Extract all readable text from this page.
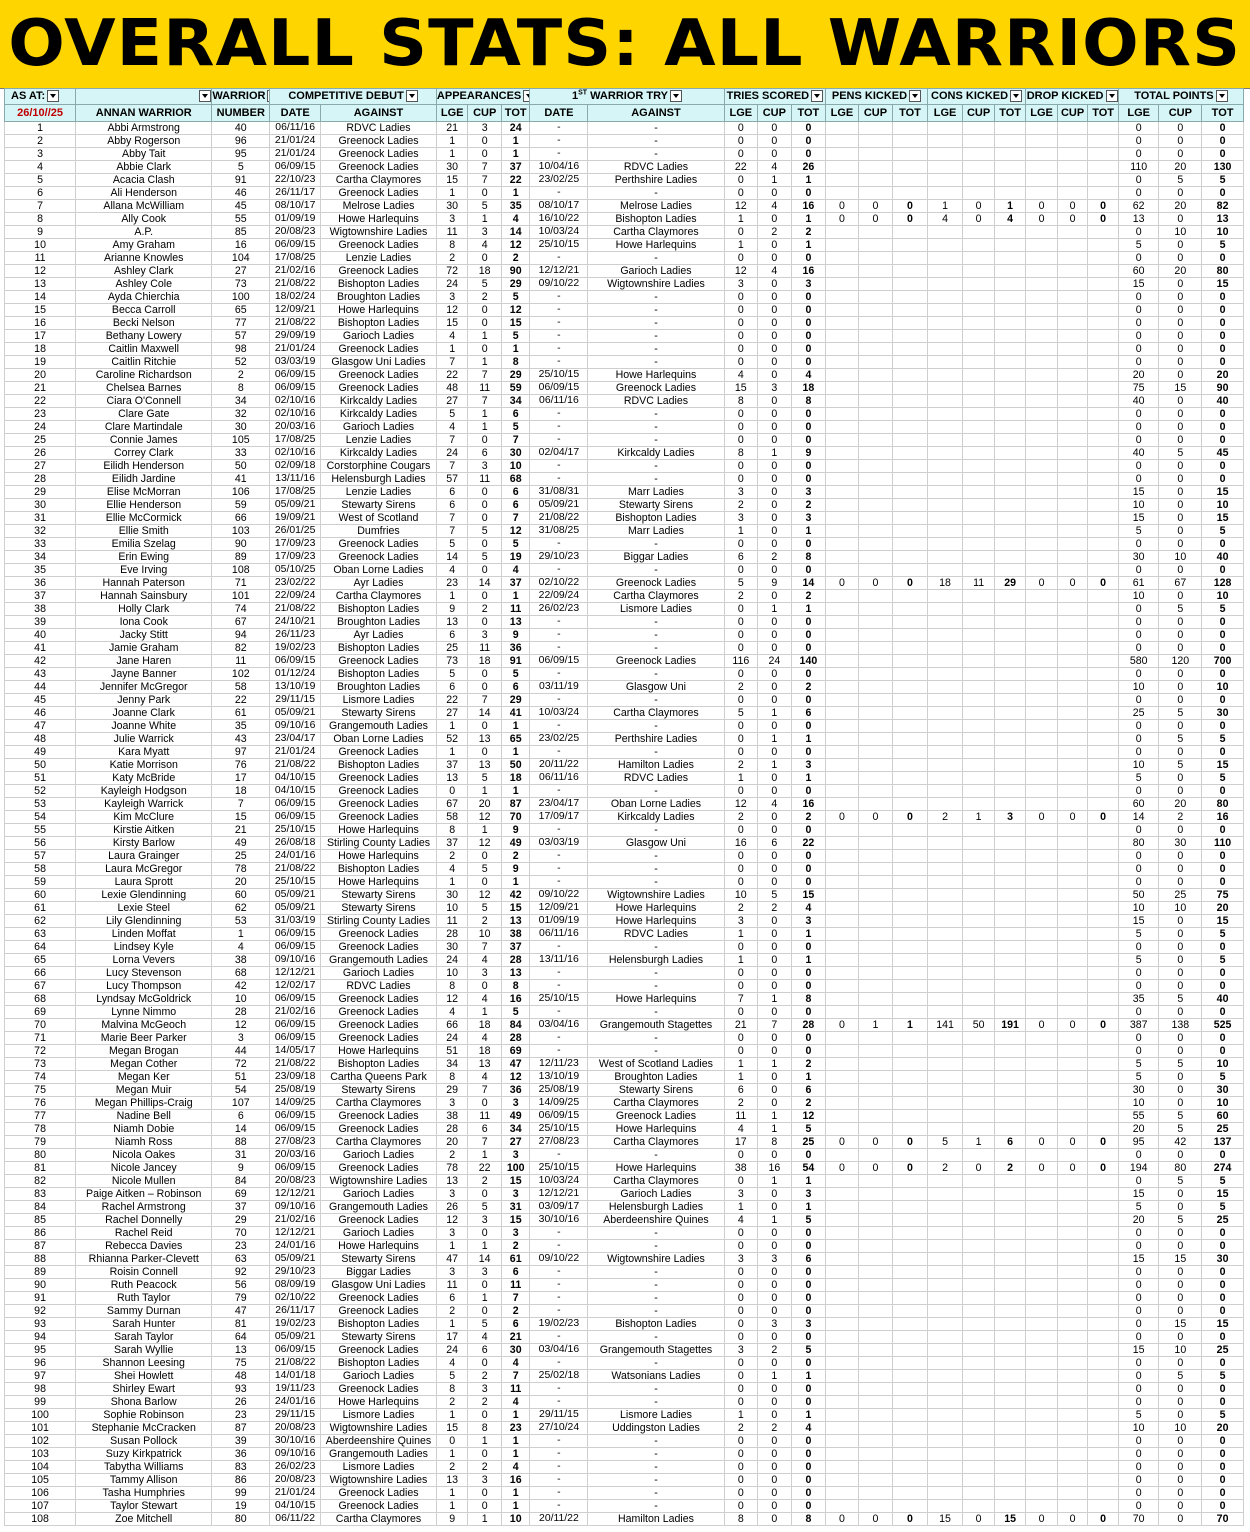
OVERALL STATS: ALL WARRIORS
AS AT:		WARRIOR	COMPETITIVE DEBUT		APPEARANCES			1ST WARRIOR TRY		TRIES SCORED			PENS KICKED			CONS KICKED			DROP KICKED			TOTAL POINTS		
26/10//25	ANNAN WARRIOR	NUMBER	DATE	AGAINST	LGE	CUP	TOT	DATE	AGAINST	LGE	CUP	TOT	LGE	CUP	TOT	LGE	CUP	TOT	LGE	CUP	TOT	LGE	CUP	TOT
1	Abbi Armstrong	40	06/11/16	RDVC Ladies	21	3	24	-	-	0	0	0										0	0	0
2	Abby Rogerson	96	21/01/24	Greenock Ladies	1	0	1	-	-	0	0	0										0	0	0
3	Abby Tait	95	21/01/24	Greenock Ladies	1	0	1	-	-	0	0	0										0	0	0
4	Abbie Clark	5	06/09/15	Greenock Ladies	30	7	37	10/04/16	RDVC Ladies	22	4	26										110	20	130
5	Acacia Clash	91	22/10/23	Cartha Claymores	15	7	22	23/02/25	Perthshire Ladies	0	1	1										0	5	5
6	Ali Henderson	46	26/11/17	Greenock Ladies	1	0	1	-	-	0	0	0										0	0	0
7	Allana McWilliam	45	08/10/17	Melrose Ladies	30	5	35	08/10/17	Melrose Ladies	12	4	16	0	0	0	1	0	1	0	0	0	62	20	82
8	Ally Cook	55	01/09/19	Howe Harlequins	3	1	4	16/10/22	Bishopton Ladies	1	0	1	0	0	0	4	0	4	0	0	0	13	0	13
9	A.P.	85	20/08/23	Wigtownshire Ladies	11	3	14	10/03/24	Cartha Claymores	0	2	2										0	10	10
10	Amy Graham	16	06/09/15	Greenock Ladies	8	4	12	25/10/15	Howe Harlequins	1	0	1										5	0	5
11	Arianne Knowles	104	17/08/25	Lenzie Ladies	2	0	2	-	-	0	0	0										0	0	0
12	Ashley Clark	27	21/02/16	Greenock Ladies	72	18	90	12/12/21	Garioch Ladies	12	4	16										60	20	80
13	Ashley Cole	73	21/08/22	Bishopton Ladies	24	5	29	09/10/22	Wigtownshire Ladies	3	0	3										15	0	15
14	Ayda Chierchia	100	18/02/24	Broughton Ladies	3	2	5	-	-	0	0	0										0	0	0
15	Becca Carroll	65	12/09/21	Howe Harlequins	12	0	12	-	-	0	0	0										0	0	0
16	Becki Nelson	77	21/08/22	Bishopton Ladies	15	0	15	-	-	0	0	0										0	0	0
17	Bethany Lowery	57	29/09/19	Garioch Ladies	4	1	5	-	-	0	0	0										0	0	0
18	Caitlin Maxwell	98	21/01/24	Greenock Ladies	1	0	1	-	-	0	0	0										0	0	0
19	Caitlin Ritchie	52	03/03/19	Glasgow Uni Ladies	7	1	8	-	-	0	0	0										0	0	0
20	Caroline Richardson	2	06/09/15	Greenock Ladies	22	7	29	25/10/15	Howe Harlequins	4	0	4										20	0	20
21	Chelsea Barnes	8	06/09/15	Greenock Ladies	48	11	59	06/09/15	Greenock Ladies	15	3	18										75	15	90
22	Ciara O'Connell	34	02/10/16	Kirkcaldy Ladies	27	7	34	06/11/16	RDVC Ladies	8	0	8										40	0	40
23	Clare Gate	32	02/10/16	Kirkcaldy Ladies	5	1	6	-	-	0	0	0										0	0	0
24	Clare Martindale	30	20/03/16	Garioch Ladies	4	1	5	-	-	0	0	0										0	0	0
25	Connie James	105	17/08/25	Lenzie Ladies	7	0	7	-	-	0	0	0										0	0	0
26	Correy Clark	33	02/10/16	Kirkcaldy Ladies	24	6	30	02/04/17	Kirkcaldy Ladies	8	1	9										40	5	45
27	Eilidh Henderson	50	02/09/18	Corstorphine Cougars	7	3	10	-	-	0	0	0										0	0	0
28	Eilidh Jardine	41	13/11/16	Helensburgh Ladies	57	11	68	-	-	0	0	0										0	0	0
29	Elise McMorran	106	17/08/25	Lenzie Ladies	6	0	6	31/08/31	Marr Ladies	3	0	3										15	0	15
30	Ellie Henderson	59	05/09/21	Stewarty Sirens	6	0	6	05/09/21	Stewarty Sirens	2	0	2										10	0	10
31	Ellie McCormick	66	19/09/21	West of Scotland	7	0	7	21/08/22	Bishopton Ladies	3	0	3										15	0	15
32	Ellie Smith	103	26/01/25	Dumfries	7	5	12	31/08/25	Marr Ladies	1	0	1										5	0	5
33	Emilia Szelag	90	17/09/23	Greenock Ladies	5	0	5	-	-	0	0	0										0	0	0
34	Erin Ewing	89	17/09/23	Greenock Ladies	14	5	19	29/10/23	Biggar Ladies	6	2	8										30	10	40
35	Eve Irving	108	05/10/25	Oban Lorne Ladies	4	0	4	-	-	0	0	0										0	0	0
36	Hannah Paterson	71	23/02/22	Ayr Ladies	23	14	37	02/10/22	Greenock Ladies	5	9	14	0	0	0	18	11	29	0	0	0	61	67	128
37	Hannah Sainsbury	101	22/09/24	Cartha Claymores	1	0	1	22/09/24	Cartha Claymores	2	0	2										10	0	10
38	Holly Clark	74	21/08/22	Bishopton Ladies	9	2	11	26/02/23	Lismore Ladies	0	1	1										0	5	5
39	Iona Cook	67	24/10/21	Broughton Ladies	13	0	13	-	-	0	0	0										0	0	0
40	Jacky Stitt	94	26/11/23	Ayr Ladies	6	3	9	-	-	0	0	0										0	0	0
41	Jamie Graham	82	19/02/23	Bishopton Ladies	25	11	36	-	-	0	0	0										0	0	0
42	Jane Haren	11	06/09/15	Greenock Ladies	73	18	91	06/09/15	Greenock Ladies	116	24	140										580	120	700
43	Jayne Banner	102	01/12/24	Bishopton Ladies	5	0	5	-	-	0	0	0										0	0	0
44	Jennifer McGregor	58	13/10/19	Broughton Ladies	6	0	6	03/11/19	Glasgow Uni	2	0	2										10	0	10
45	Jenny Park	22	29/11/15	Lismore Ladies	22	7	29	-	-	0	0	0										0	0	0
46	Joanne Clark	61	05/09/21	Stewarty Sirens	27	14	41	10/03/24	Cartha Claymores	5	1	6										25	5	30
47	Joanne White	35	09/10/16	Grangemouth Ladies	1	0	1	-	-	0	0	0										0	0	0
48	Julie Warrick	43	23/04/17	Oban Lorne Ladies	52	13	65	23/02/25	Perthshire Ladies	0	1	1										0	5	5
49	Kara Myatt	97	21/01/24	Greenock Ladies	1	0	1	-	-	0	0	0										0	0	0
50	Katie Morrison	76	21/08/22	Bishopton Ladies	37	13	50	20/11/22	Hamilton Ladies	2	1	3										10	5	15
51	Katy McBride	17	04/10/15	Greenock Ladies	13	5	18	06/11/16	RDVC Ladies	1	0	1										5	0	5
52	Kayleigh Hodgson	18	04/10/15	Greenock Ladies	0	1	1	-	-	0	0	0										0	0	0
53	Kayleigh Warrick	7	06/09/15	Greenock Ladies	67	20	87	23/04/17	Oban Lorne Ladies	12	4	16										60	20	80
54	Kim McClure	15	06/09/15	Greenock Ladies	58	12	70	17/09/17	Kirkcaldy Ladies	2	0	2	0	0	0	2	1	3	0	0	0	14	2	16
55	Kirstie Aitken	21	25/10/15	Howe Harlequins	8	1	9	-	-	0	0	0										0	0	0
56	Kirsty Barlow	49	26/08/18	Stirling County Ladies	37	12	49	03/03/19	Glasgow Uni	16	6	22										80	30	110
57	Laura Grainger	25	24/01/16	Howe Harlequins	2	0	2	-	-	0	0	0										0	0	0
58	Laura McGregor	78	21/08/22	Bishopton Ladies	4	5	9	-	-	0	0	0										0	0	0
59	Laura Sprott	20	25/10/15	Howe Harlequins	1	0	1	-	-	0	0	0										0	0	0
60	Lexie Glendinning	60	05/09/21	Stewarty Sirens	30	12	42	09/10/22	Wigtownshire Ladies	10	5	15										50	25	75
61	Lexie Steel	62	05/09/21	Stewarty Sirens	10	5	15	12/09/21	Howe Harlequins	2	2	4										10	10	20
62	Lily Glendinning	53	31/03/19	Stirling County Ladies	11	2	13	01/09/19	Howe Harlequins	3	0	3										15	0	15
63	Linden Moffat	1	06/09/15	Greenock Ladies	28	10	38	06/11/16	RDVC Ladies	1	0	1										5	0	5
64	Lindsey Kyle	4	06/09/15	Greenock Ladies	30	7	37	-	-	0	0	0										0	0	0
65	Lorna Vevers	38	09/10/16	Grangemouth Ladies	24	4	28	13/11/16	Helensburgh Ladies	1	0	1										5	0	5
66	Lucy Stevenson	68	12/12/21	Garioch Ladies	10	3	13	-	-	0	0	0										0	0	0
67	Lucy Thompson	42	12/02/17	RDVC Ladies	8	0	8	-	-	0	0	0										0	0	0
68	Lyndsay McGoldrick	10	06/09/15	Greenock Ladies	12	4	16	25/10/15	Howe Harlequins	7	1	8										35	5	40
69	Lynne Nimmo	28	21/02/16	Greenock Ladies	4	1	5	-	-	0	0	0										0	0	0
70	Malvina McGeoch	12	06/09/15	Greenock Ladies	66	18	84	03/04/16	Grangemouth Stagettes	21	7	28	0	1	1	141	50	191	0	0	0	387	138	525
71	Marie Beer Parker	3	06/09/15	Greenock Ladies	24	4	28	-	-	0	0	0										0	0	0
72	Megan Brogan	44	14/05/17	Howe Harlequins	51	18	69	-	-	0	0	0										0	0	0
73	Megan Cother	72	21/08/22	Bishopton Ladies	34	13	47	12/11/23	West of Scotland Ladies	1	1	2										5	5	10
74	Megan Ker	51	23/09/18	Cartha Queens Park	8	4	12	13/10/19	Broughton Ladies	1	0	1										5	0	5
75	Megan Muir	54	25/08/19	Stewarty Sirens	29	7	36	25/08/19	Stewarty Sirens	6	0	6										30	0	30
76	Megan Phillips-Craig	107	14/09/25	Cartha Claymores	3	0	3	14/09/25	Cartha Claymores	2	0	2										10	0	10
77	Nadine Bell	6	06/09/15	Greenock Ladies	38	11	49	06/09/15	Greenock Ladies	11	1	12										55	5	60
78	Niamh Dobie	14	06/09/15	Greenock Ladies	28	6	34	25/10/15	Howe Harlequins	4	1	5										20	5	25
79	Niamh Ross	88	27/08/23	Cartha Claymores	20	7	27	27/08/23	Cartha Claymores	17	8	25	0	0	0	5	1	6	0	0	0	95	42	137
80	Nicola Oakes	31	20/03/16	Garioch Ladies	2	1	3	-	-	0	0	0										0	0	0
81	Nicole Jancey	9	06/09/15	Greenock Ladies	78	22	100	25/10/15	Howe Harlequins	38	16	54	0	0	0	2	0	2	0	0	0	194	80	274
82	Nicole Mullen	84	20/08/23	Wigtownshire Ladies	13	2	15	10/03/24	Cartha Claymores	0	1	1										0	5	5
83	Paige Aitken – Robinson	69	12/12/21	Garioch Ladies	3	0	3	12/12/21	Garioch Ladies	3	0	3										15	0	15
84	Rachel Armstrong	37	09/10/16	Grangemouth Ladies	26	5	31	03/09/17	Helensburgh Ladies	1	0	1										5	0	5
85	Rachel Donnelly	29	21/02/16	Greenock Ladies	12	3	15	30/10/16	Aberdeenshire Quines	4	1	5										20	5	25
86	Rachel Reid	70	12/12/21	Garioch Ladies	3	0	3	-	-	0	0	0										0	0	0
87	Rebecca Davies	23	24/01/16	Howe Harlequins	1	1	2	-	-	0	0	0										0	0	0
88	Rhianna Parker-Clevett	63	05/09/21	Stewarty Sirens	47	14	61	09/10/22	Wigtownshire Ladies	3	3	6										15	15	30
89	Roisin Connell	92	29/10/23	Biggar Ladies	3	3	6	-	-	0	0	0										0	0	0
90	Ruth Peacock	56	08/09/19	Glasgow Uni Ladies	11	0	11	-	-	0	0	0										0	0	0
91	Ruth Taylor	79	02/10/22	Greenock Ladies	6	1	7	-	-	0	0	0										0	0	0
92	Sammy Durnan	47	26/11/17	Greenock Ladies	2	0	2	-	-	0	0	0										0	0	0
93	Sarah Hunter	81	19/02/23	Bishopton Ladies	1	5	6	19/02/23	Bishopton Ladies	0	3	3										0	15	15
94	Sarah Taylor	64	05/09/21	Stewarty Sirens	17	4	21	-	-	0	0	0										0	0	0
95	Sarah Wyllie	13	06/09/15	Greenock Ladies	24	6	30	03/04/16	Grangemouth Stagettes	3	2	5										15	10	25
96	Shannon Leesing	75	21/08/22	Bishopton Ladies	4	0	4	-	-	0	0	0										0	0	0
97	Shei Howlett	48	14/01/18	Garioch Ladies	5	2	7	25/02/18	Watsonians Ladies	0	1	1										0	5	5
98	Shirley Ewart	93	19/11/23	Greenock Ladies	8	3	11	-	-	0	0	0										0	0	0
99	Shona Barlow	26	24/01/16	Howe Harlequins	2	2	4	-	-	0	0	0										0	0	0
100	Sophie Robinson	23	29/11/15	Lismore Ladies	1	0	1	29/11/15	Lismore Ladies	1	0	1										5	0	5
101	Stephanie McCracken	87	20/08/23	Wigtownshire Ladies	15	8	23	27/10/24	Uddingston Ladies	2	2	4										10	10	20
102	Susan Pollock	39	30/10/16	Aberdeenshire Quines	0	1	1	-	-	0	0	0										0	0	0
103	Suzy Kirkpatrick	36	09/10/16	Grangemouth Ladies	1	0	1	-	-	0	0	0										0	0	0
104	Tabytha Williams	83	26/02/23	Lismore Ladies	2	2	4	-	-	0	0	0										0	0	0
105	Tammy Allison	86	20/08/23	Wigtownshire Ladies	13	3	16	-	-	0	0	0										0	0	0
106	Tasha Humphries	99	21/01/24	Greenock Ladies	1	0	1	-	-	0	0	0										0	0	0
107	Taylor Stewart	19	04/10/15	Greenock Ladies	1	0	1	-	-	0	0	0										0	0	0
108	Zoe Mitchell	80	06/11/22	Cartha Claymores	9	1	10	20/11/22	Hamilton Ladies	8	0	8	0	0	0	15	0	15	0	0	0	70	0	70
